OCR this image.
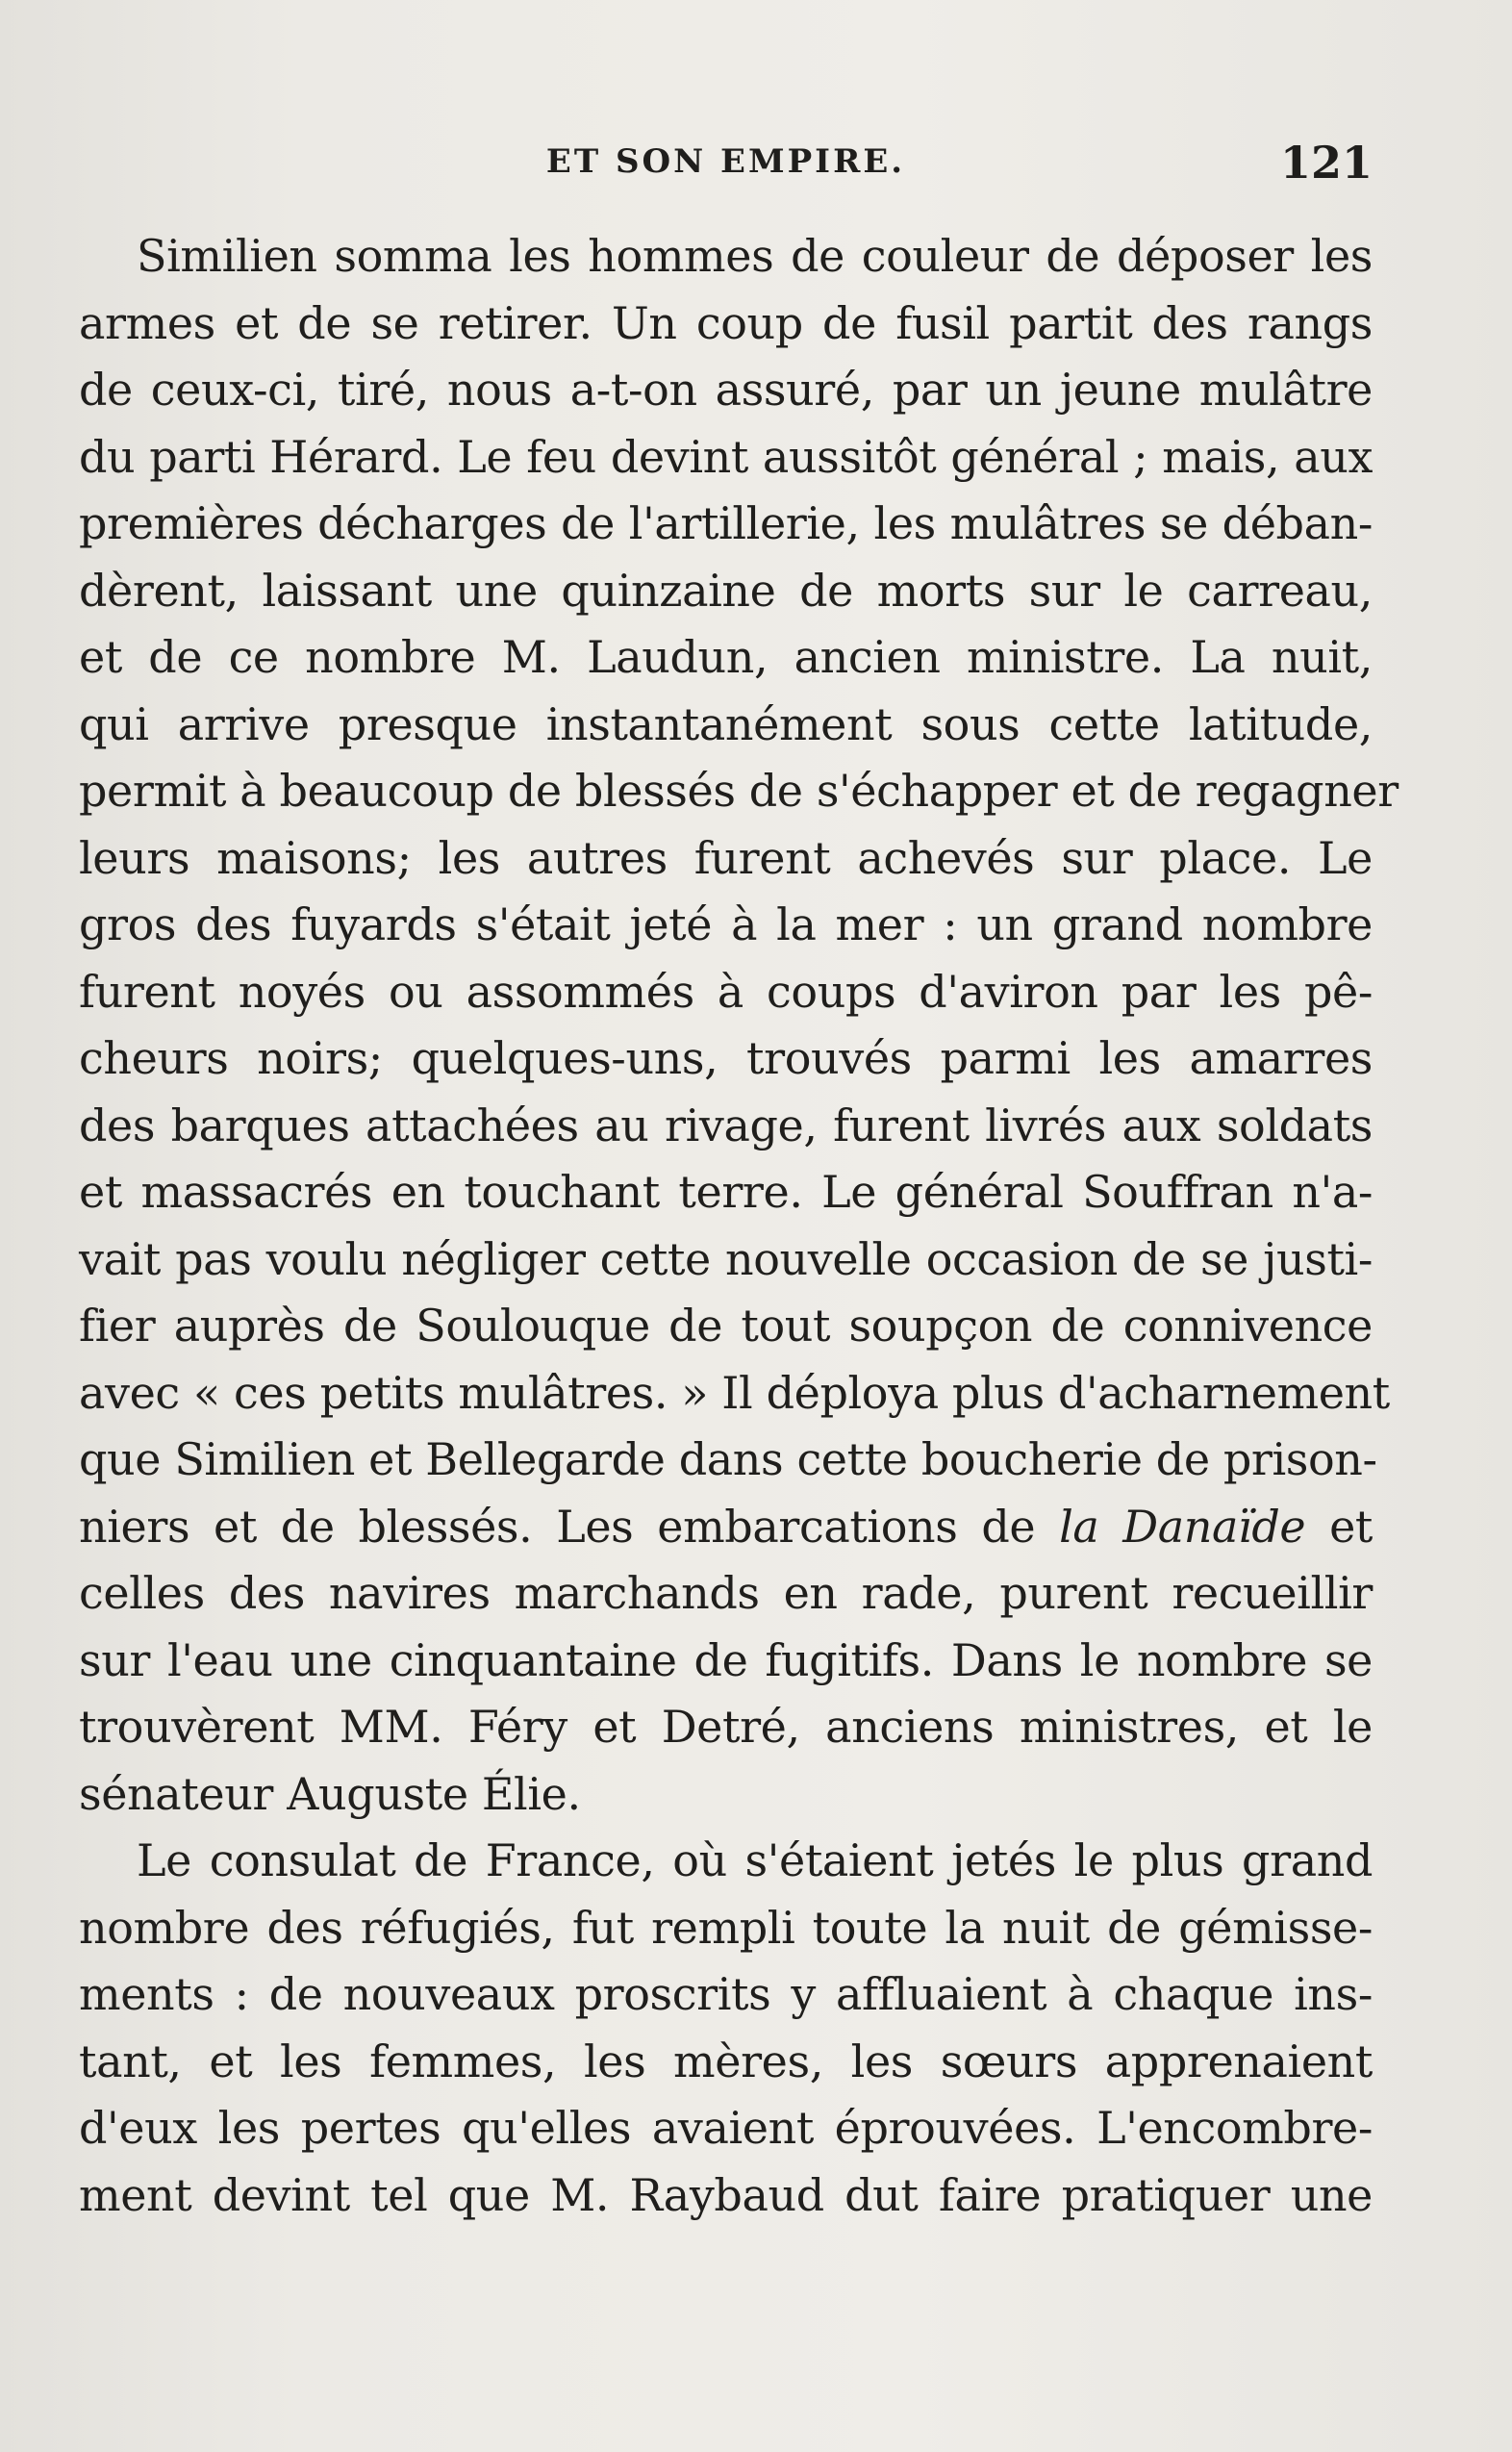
ET SON EMPIRE.	121
Similien somma les hommes de couleur de déposer les
armes et de se retirer. Un coup de fusil partit des rangs
de ceux-ci, tiré, nous a-t-on assuré, par un jeune mulâtre
du parti Hérard. Le feu devint aussitôt général ; mais, aux
premières décharges de l'artillerie, les mulâtres se déban-
dèrent, laissant une quinzaine de morts sur le carreau,
et de ce nombre M. Laudun, ancien ministre. La nuit,
qui arrive presque instantanément sous cette latitude,
permit à beaucoup de blessés de s'échapper et de regagner
leurs maisons; les autres furent achevés sur place. Le
gros des fuyards s'était jeté à la mer : un grand nombre
furent noyés ou assommés à coups d'aviron par les pê-
cheurs noirs; quelques-uns, trouvés parmi les amarres
des barques attachées au rivage, furent livrés aux soldats
et massacrés en touchant terre. Le général Souffran n'a-
vait pas voulu négliger cette nouvelle occasion de se justi-
fier auprès de Soulouque de tout soupçon de connivence
avec « ces petits mulâtres. » Il déploya plus d'acharnement
que Similien et Bellegarde dans cette boucherie de prison-
niers et de blessés. Les embarcations de la Danaïde et
celles des navires marchands en rade, purent recueillir
sur l'eau une cinquantaine de fugitifs. Dans le nombre se
trouvèrent MM. Féry et Detré, anciens ministres, et le
sénateur Auguste Élie.
Le consulat de France, où s'étaient jetés le plus grand
nombre des réfugiés, fut rempli toute la nuit de gémisse-
ments : de nouveaux proscrits y affluaient à chaque ins-
tant, et les femmes, les mères, les sœurs apprenaient
d'eux les pertes qu'elles avaient éprouvées. L'encombre-
ment devint tel que M. Raybaud dut faire pratiquer une
